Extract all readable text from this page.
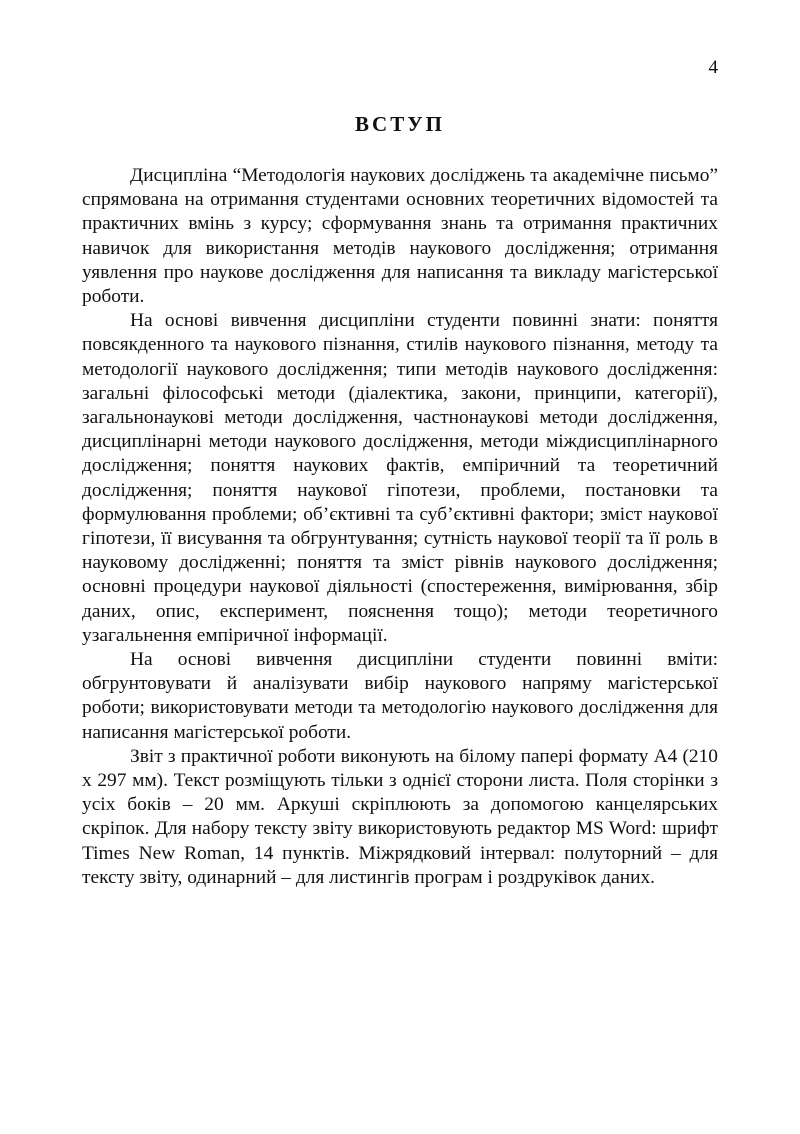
4
ВСТУП

Дисципліна “Методологія наукових досліджень та академічне письмо” спрямована на отримання студентами основних теоретичних відомостей та практичних вмінь з курсу; сформування знань та отримання практичних навичок для використання методів наукового дослідження; отримання уявлення про наукове дослідження для написання та викладу магістерської роботи.

На основі вивчення дисципліни студенти повинні знати: поняття повсякденного та наукового пізнання, стилів наукового пізнання, методу та методології наукового дослідження; типи методів наукового дослідження: загальні філософські методи (діалектика, закони, принципи, категорії), загальнонаукові методи дослідження, частнонаукові методи дослідження, дисциплінарні методи наукового дослідження, методи міждисциплінарного дослідження; поняття наукових фактів, емпіричний та теоретичний дослідження; поняття наукової гіпотези, проблеми, постановки та формулювання проблеми; об’єктивні та суб’єктивні фактори; зміст наукової гіпотези, її висування та обгрунтування; сутність наукової теорії та її роль в науковому дослідженні; поняття та зміст рівнів наукового дослідження; основні процедури наукової діяльності (спостереження, вимірювання, збір даних, опис, експеримент, пояснення тощо); методи теоретичного узагальнення емпіричної інформації.

На основі вивчення дисципліни студенти повинні вміти: обгрунтовувати й аналізувати вибір наукового напряму магістерської роботи; використовувати методи та методологію наукового дослідження для написання магістерської роботи.

Звіт з практичної роботи виконують на білому папері формату А4 (210 х 297 мм). Текст розміщують тільки з однієї сторони листа. Поля сторінки з усіх боків – 20 мм. Аркуші скріплюють за допомогою канцелярських скріпок. Для набору тексту звіту використовують редактор MS Word: шрифт Times New Roman, 14 пунктів. Міжрядковий інтервал: полуторний – для тексту звіту, одинарний – для листингів програм і роздруківок даних.
